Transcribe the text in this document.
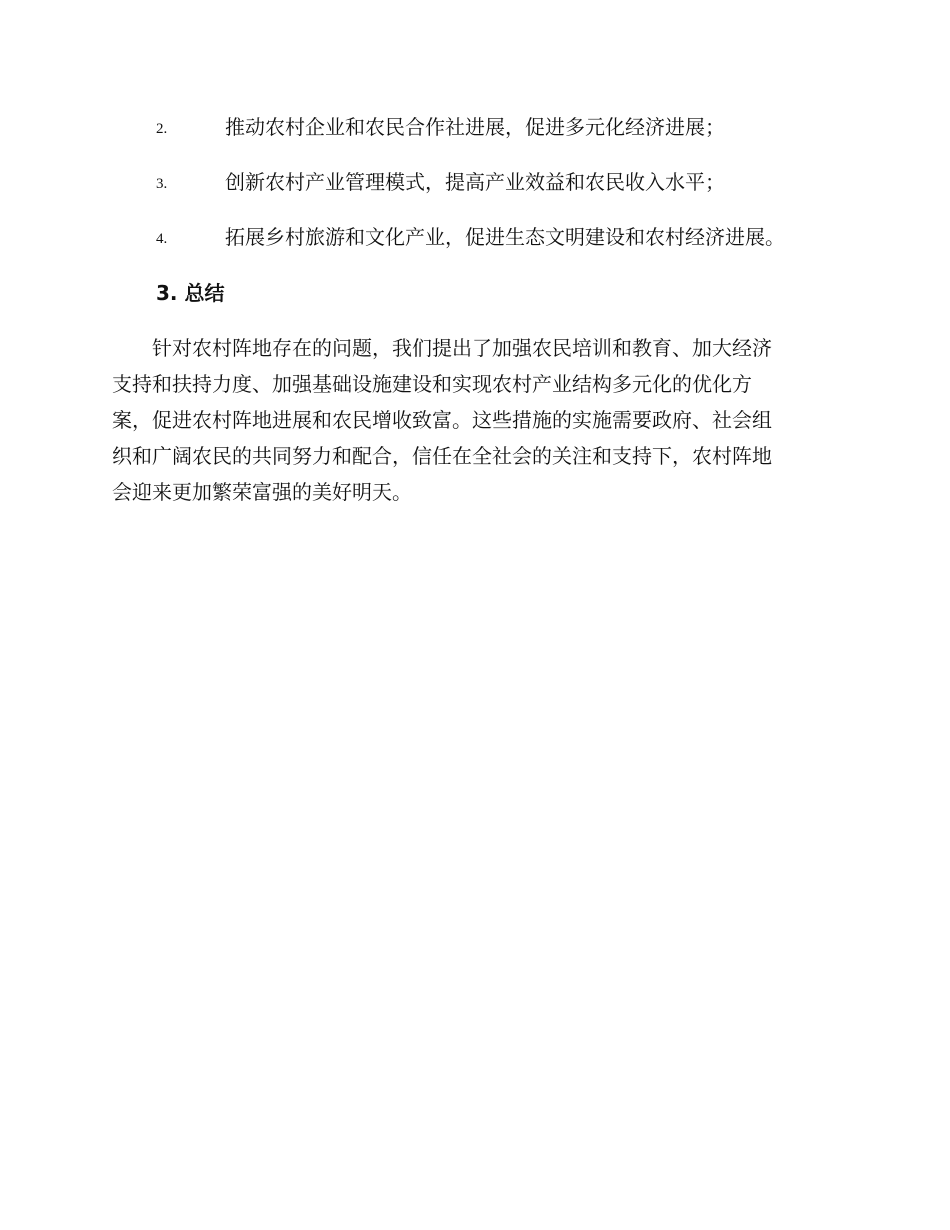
2.	推动农村企业和农民合作社进展，促进多元化经济进展；
3.	创新农村产业管理模式，提高产业效益和农民收入水平；
4.	拓展乡村旅游和文化产业，促进生态文明建设和农村经济进展。
3. 总结

针对农村阵地存在的问题，我们提出了加强农民培训和教育、加大经济
支持和扶持力度、加强基础设施建设和实现农村产业结构多元化的优化方
案，促进农村阵地进展和农民增收致富。这些措施的实施需要政府、社会组
织和广阔农民的共同努力和配合，信任在全社会的关注和支持下，农村阵地
会迎来更加繁荣富强的美好明天。
